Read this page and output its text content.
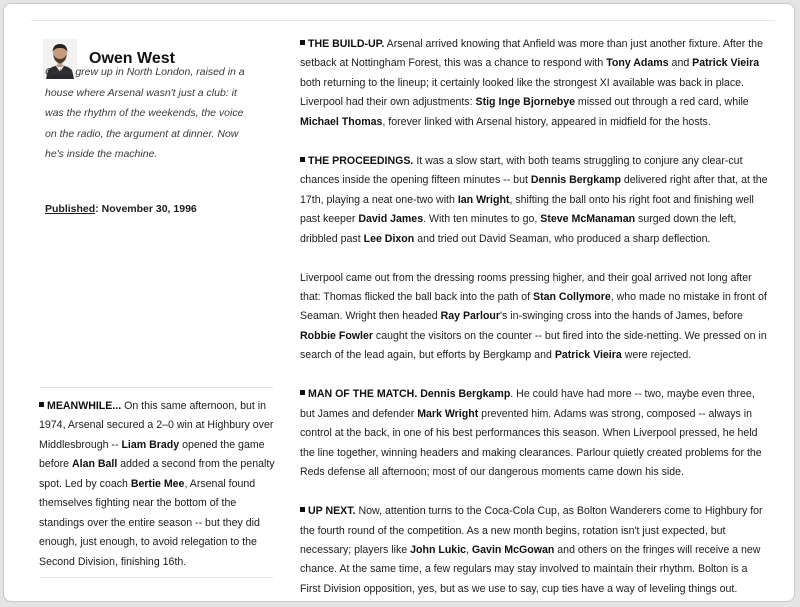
Owen West
Owen grew up in North London, raised in a house where Arsenal wasn't just a club: it was the rhythm of the weekends, the voice on the radio, the argument at dinner. Now he's inside the machine.
Published: November 30, 1996

MEANWHILE... On this same afternoon, but in 1974, Arsenal secured a 2–0 win at Highbury over Middlesbrough -- Liam Brady opened the game before Alan Ball added a second from the penalty spot. Led by coach Bertie Mee, Arsenal found themselves fighting near the bottom of the standings over the entire season -- but they did enough, just enough, to avoid relegation to the Second Division, finishing 16th.

THE BUILD-UP. Arsenal arrived knowing that Anfield was more than just another fixture. After the setback at Nottingham Forest, this was a chance to respond with Tony Adams and Patrick Vieira both returning to the lineup; it certainly looked like the strongest XI available was back in place. Liverpool had their own adjustments: Stig Inge Bjornebye missed out through a red card, while Michael Thomas, forever linked with Arsenal history, appeared in midfield for the hosts.

THE PROCEEDINGS. It was a slow start, with both teams struggling to conjure any clear-cut chances inside the opening fifteen minutes -- but Dennis Bergkamp delivered right after that, at the 17th, playing a neat one-two with Ian Wright, shifting the ball onto his right foot and finishing well past keeper David James. With ten minutes to go, Steve McManaman surged down the left, dribbled past Lee Dixon and tried out David Seaman, who produced a sharp deflection.

Liverpool came out from the dressing rooms pressing higher, and their goal arrived not long after that: Thomas flicked the ball back into the path of Stan Collymore, who made no mistake in front of Seaman. Wright then headed Ray Parlour's in-swinging cross into the hands of James, before Robbie Fowler caught the visitors on the counter -- but fired into the side-netting. We pressed on in search of the lead again, but efforts by Bergkamp and Patrick Vieira were rejected.

MAN OF THE MATCH. Dennis Bergkamp. He could have had more -- two, maybe even three, but James and defender Mark Wright prevented him. Adams was strong, composed -- always in control at the back, in one of his best performances this season. When Liverpool pressed, he held the line together, winning headers and making clearances. Parlour quietly created problems for the Reds defense all afternoon; most of our dangerous moments came down his side.

UP NEXT. Now, attention turns to the Coca-Cola Cup, as Bolton Wanderers come to Highbury for the fourth round of the competition. As a new month begins, rotation isn't just expected, but necessary; players like John Lukic, Gavin McGowan and others on the fringes will receive a new chance. At the same time, a few regulars may stay involved to maintain their rhythm. Bolton is a First Division opposition, yes, but as we use to say, cup ties have a way of leveling things out.
